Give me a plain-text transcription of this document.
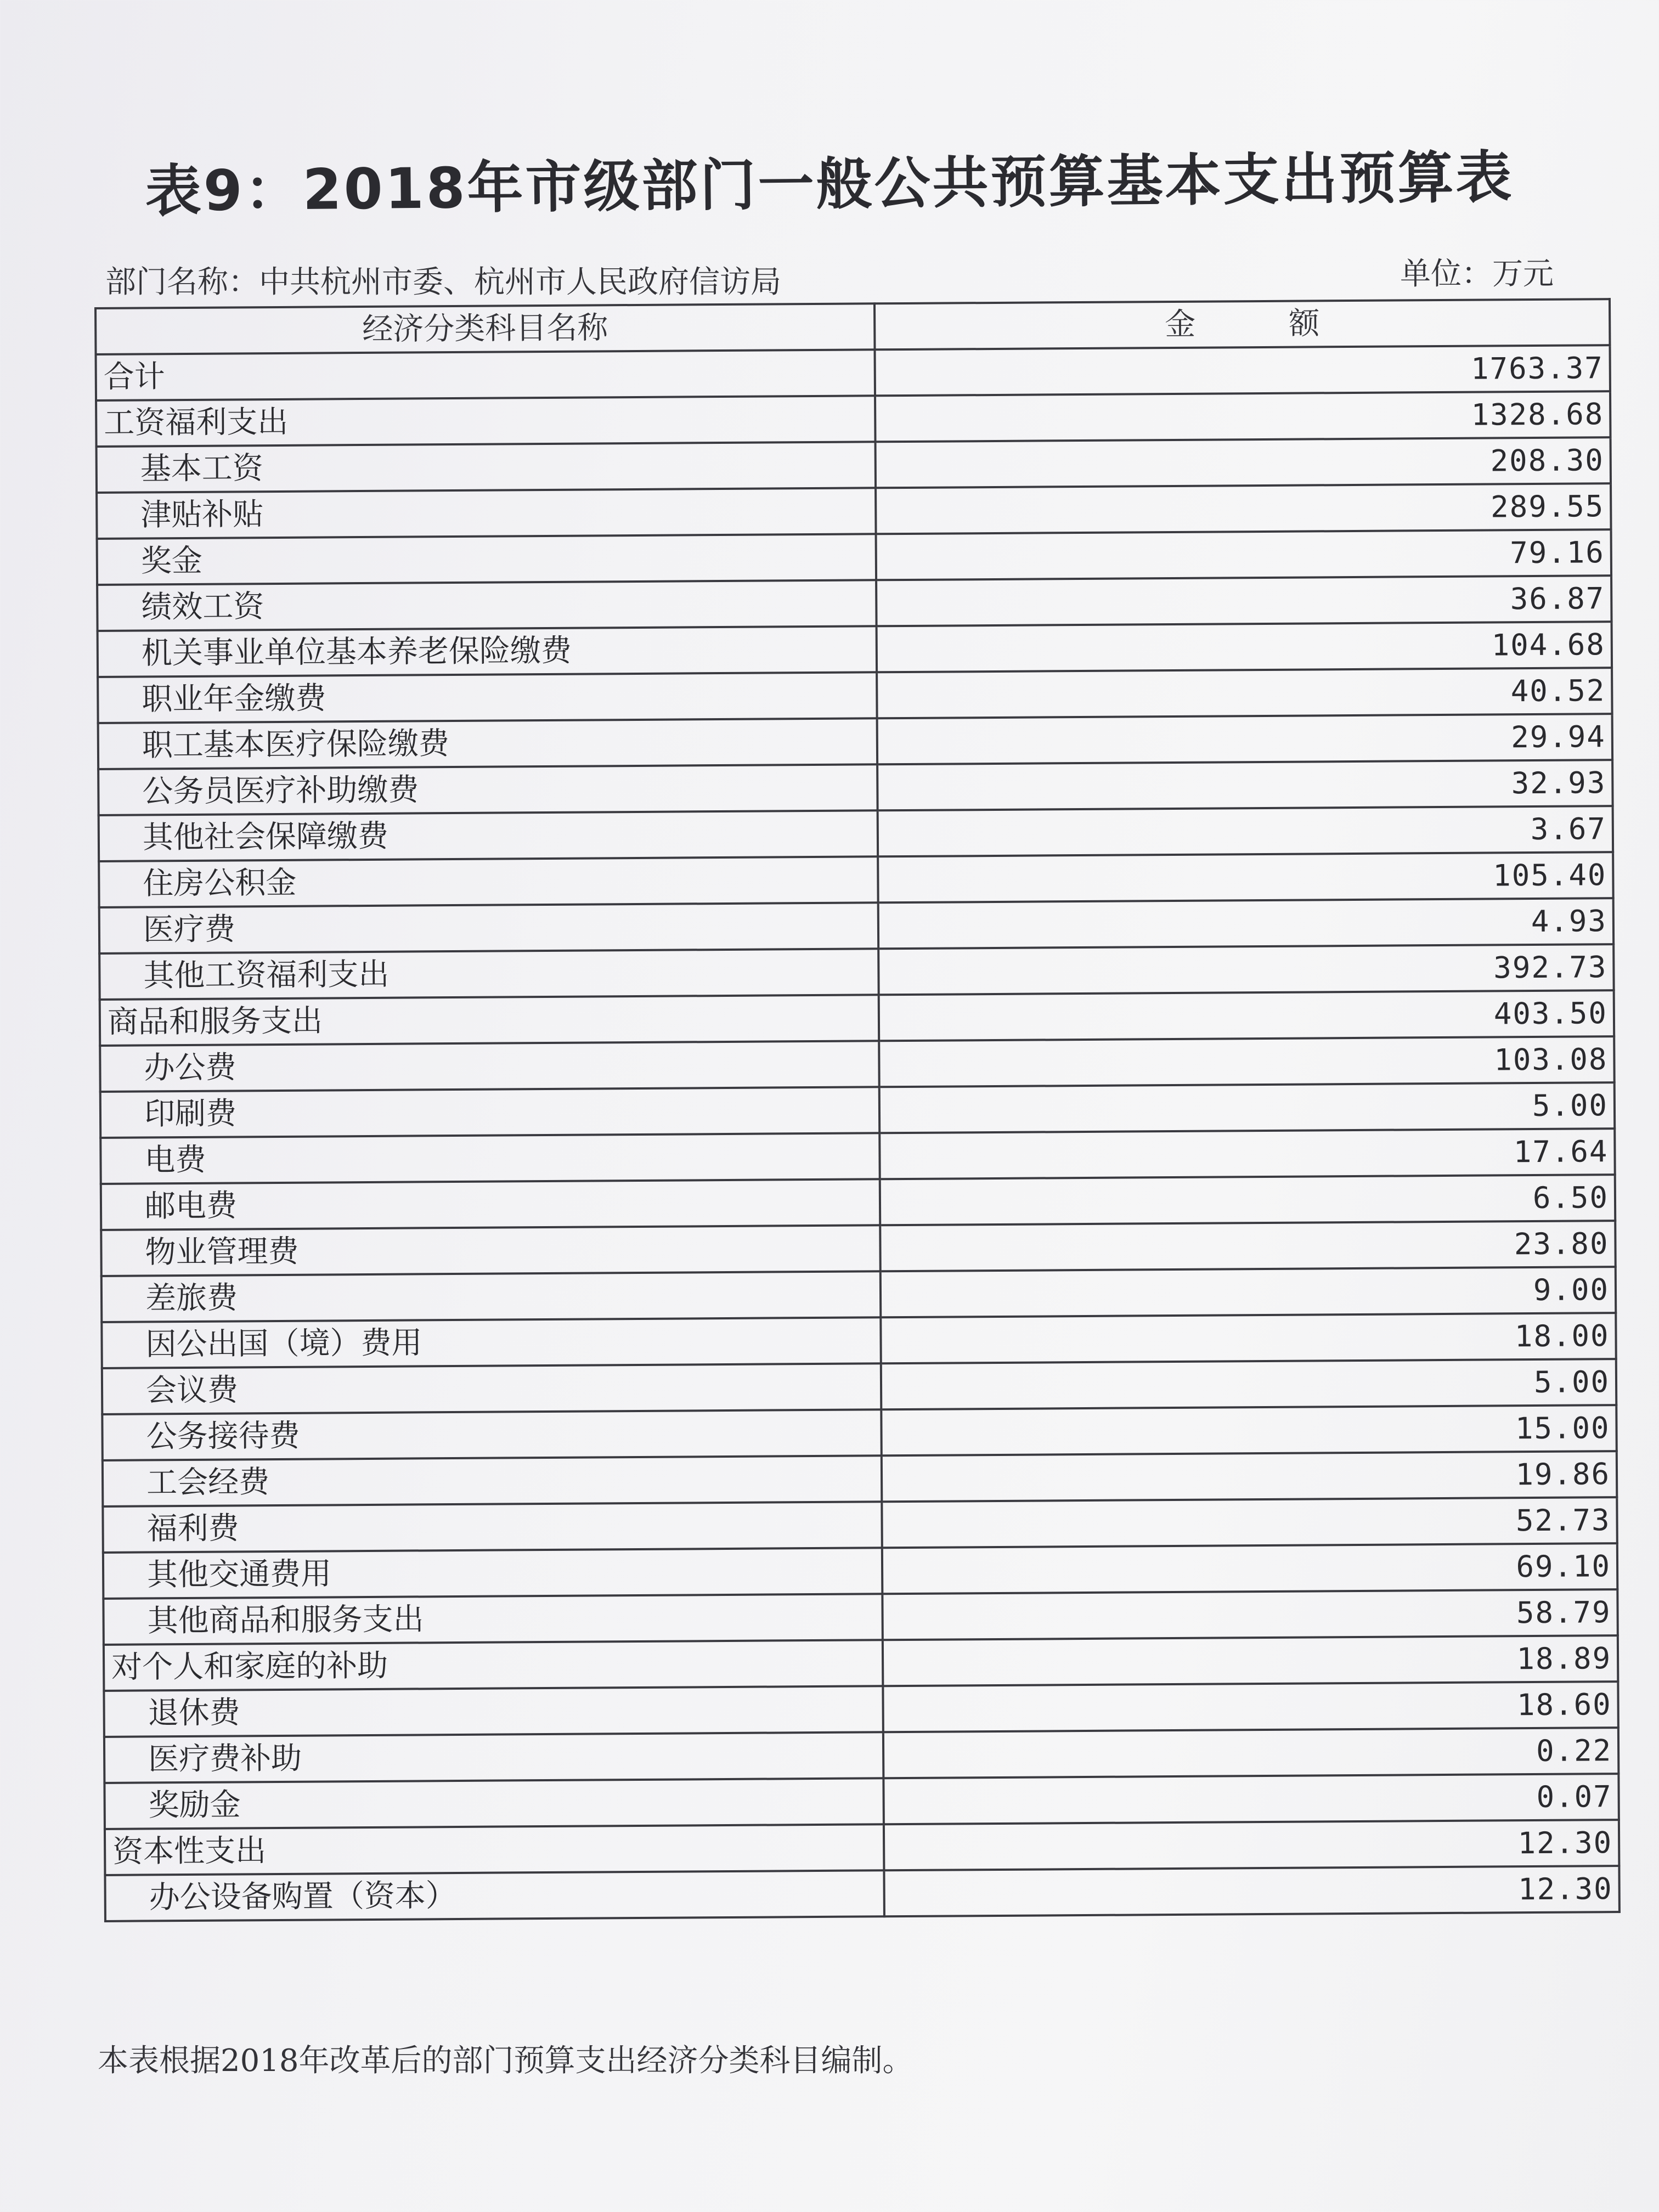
表9：2018年市级部门一般公共预算基本支出预算表
部门名称：中共杭州市委、杭州市人民政府信访局	单位：万元
经济分类科目名称	金额
合计	1763.37
工资福利支出	1328.68
基本工资	208.30
津贴补贴	289.55
奖金	79.16
绩效工资	36.87
机关事业单位基本养老保险缴费	104.68
职业年金缴费	40.52
职工基本医疗保险缴费	29.94
公务员医疗补助缴费	32.93
其他社会保障缴费	3.67
住房公积金	105.40
医疗费	4.93
其他工资福利支出	392.73
商品和服务支出	403.50
办公费	103.08
印刷费	5.00
电费	17.64
邮电费	6.50
物业管理费	23.80
差旅费	9.00
因公出国（境）费用	18.00
会议费	5.00
公务接待费	15.00
工会经费	19.86
福利费	52.73
其他交通费用	69.10
其他商品和服务支出	58.79
对个人和家庭的补助	18.89
退休费	18.60
医疗费补助	0.22
奖励金	0.07
资本性支出	12.30
办公设备购置（资本）	12.30
本表根据2018年改革后的部门预算支出经济分类科目编制。
